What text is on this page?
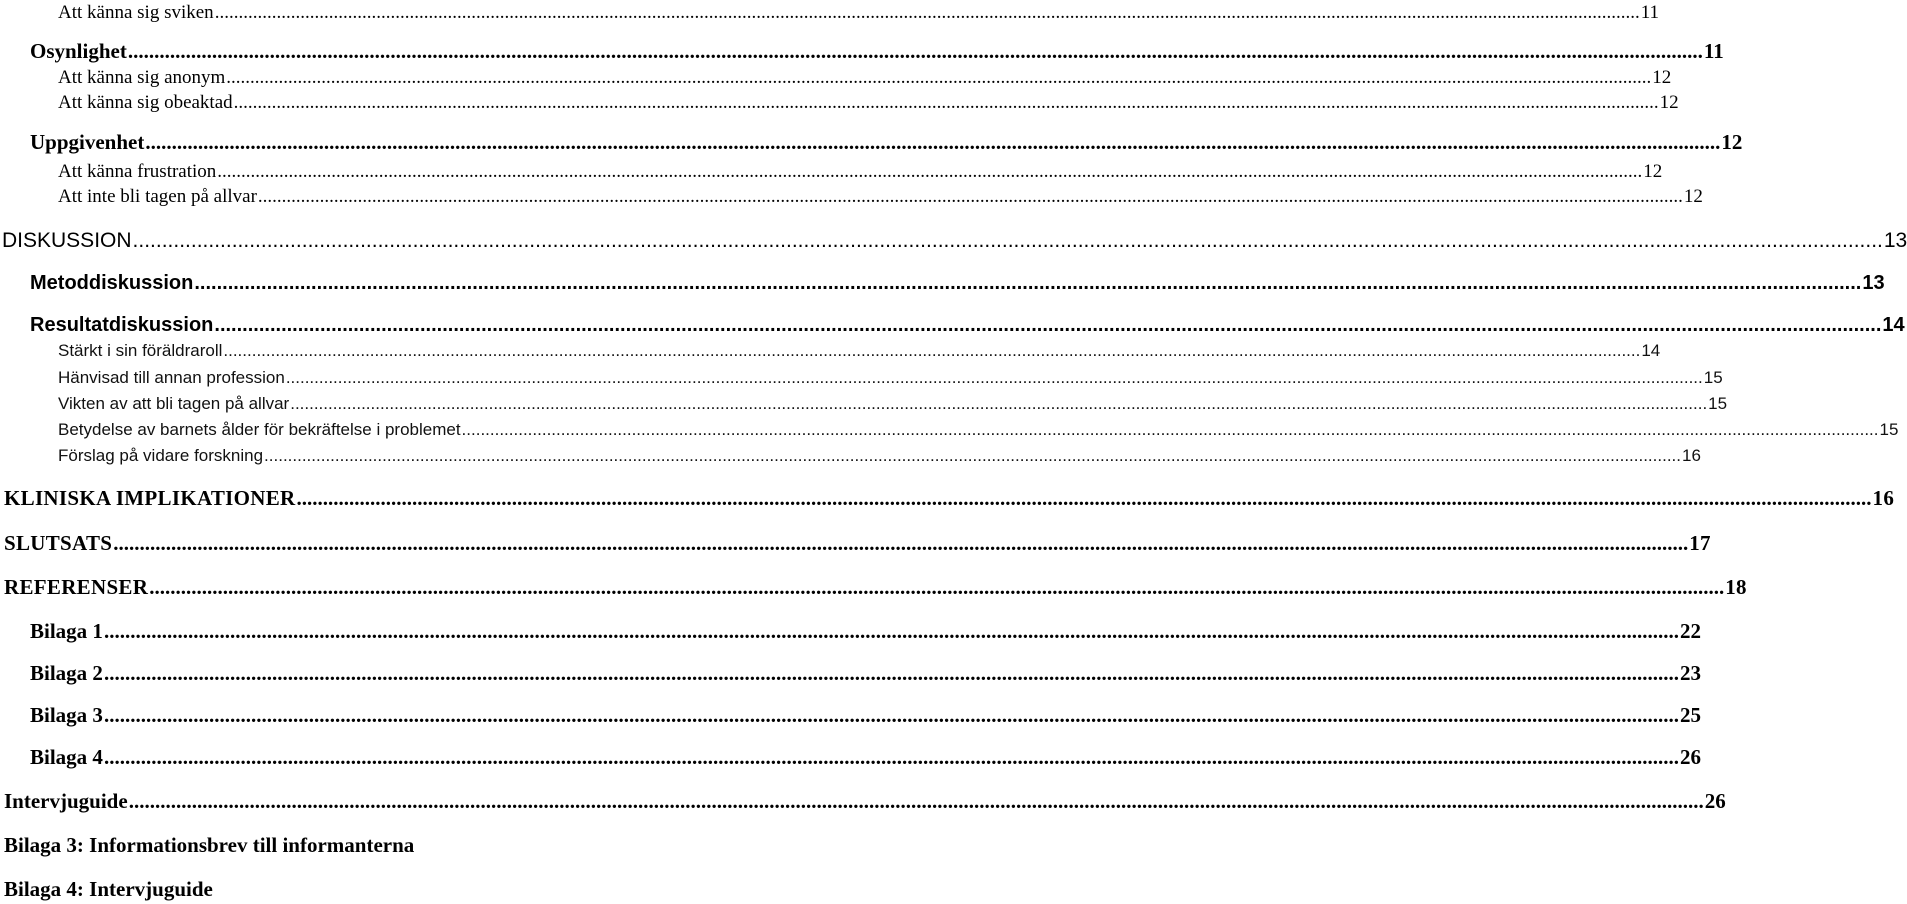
Att känna sig sviken ............................................................................................................................................................................................................................................................................................................ 11
Osynlighet ............................................................................................................................................................................................................................................................................................................ 11
Att känna sig anonym ............................................................................................................................................................................................................................................................................................................ 12
Att känna sig obeaktad ............................................................................................................................................................................................................................................................................................................ 12
Uppgivenhet ............................................................................................................................................................................................................................................................................................................ 12
Att känna frustration ............................................................................................................................................................................................................................................................................................................ 12
Att inte bli tagen på allvar ............................................................................................................................................................................................................................................................................................................ 12
DISKUSSION ............................................................................................................................................................................................................................................................................................................ 13
Metoddiskussion ............................................................................................................................................................................................................................................................................................................ 13
Resultatdiskussion ............................................................................................................................................................................................................................................................................................................ 14
Stärkt i sin föräldraroll ............................................................................................................................................................................................................................................................................................................ 14
Hänvisad till annan profession ............................................................................................................................................................................................................................................................................................................ 15
Vikten av att bli tagen på allvar ............................................................................................................................................................................................................................................................................................................ 15
Betydelse av barnets ålder för bekräftelse i problemet ............................................................................................................................................................................................................................................................................................................ 15
Förslag på vidare forskning ............................................................................................................................................................................................................................................................................................................ 16
KLINISKA IMPLIKATIONER ............................................................................................................................................................................................................................................................................................................ 16
SLUTSATS ............................................................................................................................................................................................................................................................................................................ 17
REFERENSER ............................................................................................................................................................................................................................................................................................................ 18
Bilaga 1 ............................................................................................................................................................................................................................................................................................................ 22
Bilaga 2 ............................................................................................................................................................................................................................................................................................................ 23
Bilaga 3 ............................................................................................................................................................................................................................................................................................................ 25
Bilaga 4 ............................................................................................................................................................................................................................................................................................................ 26
Intervjuguide ............................................................................................................................................................................................................................................................................................................ 26
Bilaga 3: Informationsbrev till informanterna
Bilaga 4: Intervjuguide
